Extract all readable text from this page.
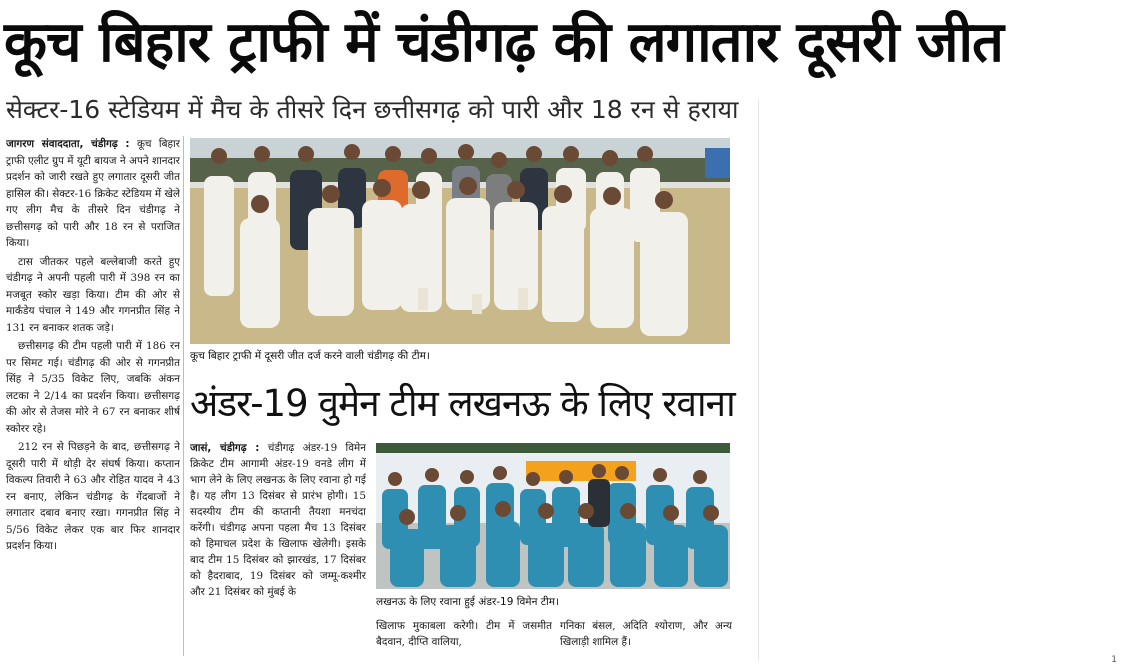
कूच बिहार ट्राफी में चंडीगढ़ की लगातार दूसरी जीत
सेक्टर-16 स्टेडियम में मैच के तीसरे दिन छत्तीसगढ़ को पारी और 18 रन से हराया

जागरण संवाददाता, चंडीगढ़ : कूच बिहार ट्राफी एलीट ग्रुप में यूटी बायज ने अपने शानदार प्रदर्शन को जारी रखते हुए लगातार दूसरी जीत हासिल की। सेक्टर-16 क्रिकेट स्टेडियम में खेले गए लीग मैच के तीसरे दिन चंडीगढ़ ने छत्तीसगढ़ को पारी और 18 रन से पराजित किया।

टास जीतकर पहले बल्लेबाजी करते हुए चंडीगढ़ ने अपनी पहली पारी में 398 रन का मजबूत स्कोर खड़ा किया। टीम की ओर से मार्कंडेय पंचाल ने 149 और गगनप्रीत सिंह ने 131 रन बनाकर शतक जड़े।

छत्तीसगढ़ की टीम पहली पारी में 186 रन पर सिमट गई। चंडीगढ़ की ओर से गगनप्रीत सिंह ने 5/35 विकेट लिए, जबकि अंकन लटका ने 2/14 का प्रदर्शन किया। छत्तीसगढ़ की ओर से तेजस मोरे ने 67 रन बनाकर शीर्ष स्कोरर रहे।

212 रन से पिछड़ने के बाद, छत्तीसगढ़ ने दूसरी पारी में थोड़ी देर संघर्ष किया। कप्तान विकल्प तिवारी ने 63 और रोहित यादव ने 43 रन बनाए, लेकिन चंडीगढ़ के गेंदबाजों ने लगातार दबाव बनाए रखा। गगनप्रीत सिंह ने 5/56 विकेट लेकर एक बार फिर शानदार प्रदर्शन किया।

कूच बिहार ट्राफी में दूसरी जीत दर्ज करने वाली चंडीगढ़ की टीम।
अंडर-19 वुमेन टीम लखनऊ के लिए रवाना
जासं, चंडीगढ़ : चंडीगढ़ अंडर-19 विमेन क्रिकेट टीम आगामी अंडर-19 वनडे लीग में भाग लेने के लिए लखनऊ के लिए रवाना हो गई है। यह लीग 13 दिसंबर से प्रारंभ होगी। 15 सदस्यीय टीम की कप्तानी तैयशा मनचंदा करेंगी। चंडीगढ़ अपना पहला मैच 13 दिसंबर को हिमाचल प्रदेश के खिलाफ खेलेगी। इसके बाद टीम 15 दिसंबर को झारखंड, 17 दिसंबर को हैदराबाद, 19 दिसंबर को जम्मू-कश्मीर और 21 दिसंबर को मुंबई के
लखनऊ के लिए रवाना हुई अंडर-19 विमेन टीम।
खिलाफ मुकाबला करेगी। टीम में जसमीत बैदवान, दीप्ति वालिया,
गनिका बंसल, अदिति श्योराण, और अन्य खिलाड़ी शामिल हैं।
1
